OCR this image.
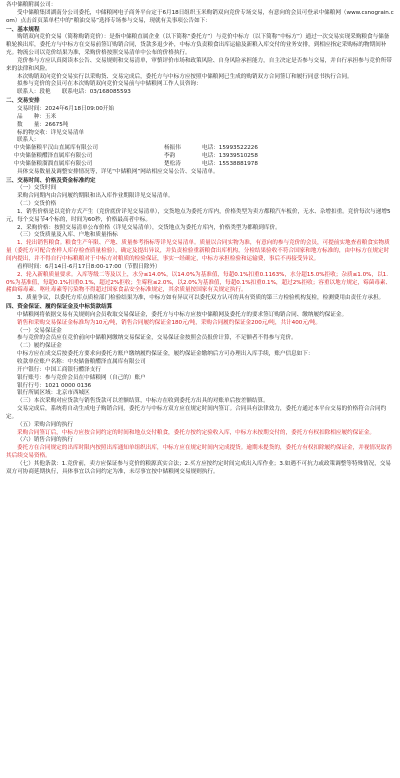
各中储粮附属公司：

受中储粮集团湖南分公司委托，中储粮网电子商务平台定于6月18日组织玉米购销双向竞价专场交易，有意向的会员可登录中储粮网（www.csnograin.com）点击首页菜单栏中的“粮油交易”选择专场参与交易，现就有关事项公告如下：

一、基本规程

购销双向竞价交易（简称购销竞价）：是指中储粮直属企业（以下简称“委托方”）与竞价中标方（以下简称“中标方”）通过一次交易实现采购粮食与储备粮轮换出库，委托方与中标方在交易前签订购销合同，货款多退少补，中标方负责粮食出库运输及新粮入库交付的业务安排，到相应指定采购标的物期间补充。物流公司以竞价结果为准，采购价格按照交易清单中公布的价格执行。

竞价参与方应认真阅读本公告、交易规则和交易清单，审慎评价市场和政策风险、自身风险承担能力，自主决定是否参与交易，并自行承担参与竞价所带来的法律和风险。

本次购销双向竞价交易实行以采购货、交易完成后，委托方与中标方应按照中储粮网已生成的购销双方合同签订和履行同意书执行合同。

拟参与竞价的会员可在本次购销双向竞价交易前与中储粮网工作人员咨询：

联系人：段艳　　联系电话：03/168085593

二、交易安排

交易时间：2024年6月18日09:00开始

品　　种：玉米

数　　量：26675吨

标的物交收：详见交易清单

联系人：

中央储备粮平汉山直属库有限公司	杨振伟	电话：15993522226
中央储备粮醴泽直属库有限公司	李韵	电话：13939510258
中央储备粮溜溜直属库有限公司	楚松涛	电话：15538881978

具体交易数量及调整安排情况等，详见“中储粮网”网站相应交易公告、交易清单。

三、交易时间、价格及资金标准约定

（一）交货时间

采购合同期内由合同履约期限和出入库作业期限详见交易清单。

（二）交货价格

1、销售价格是以竞价方式产生（竞价底价详见交易清单），交货地点为委托方库内，价格类型为卖方都粮汽车板价，无水、杂增扣重。竞价每次与递增5元，每个交易节4个标的，时间为60秒，价格最高者中标。

2、采购价格：按照交易清单公布价格（详见交易清单），交货地点为委托方库内，价格类型为都粮到库价。

（三）交货质量及入库、户地和质量指标

1、轮出销售粮食。粮食生产年限、产地、质量参考指标等详见交易清单。质量以合同实物为准，有意向的参与竞价的会员，可提前实地查看粮食实物质量（委托方可配合查样人库存检查质量检验），确定及提出异议，并负责检验重新粮食出库机构，分检结果验收不符合国家和地方标准的，由中标方在规定时间内提出，并不得自行中标粮粮对于中标方对粮质的检验保证，事实一经确定，中标方承担检验和运输费，事后不再接受异议。

看样时间：6月14日-6月17日8:00-17:00（节假日除外）

2、轮入新粮质量要求。入库等级二等及以上，水分≤14.0%，以14.0%为基准值，每超0.1%扣重0.1163%，水分超15.0%拒收；杂质≤1.0%，以1.0%为基准值，每超0.1%扣重0.1%，超过2%拒收；生霉粒≤2.0%，以2.0%为基准值，每超0.1%扣重0.1%，超过2%拒收；容重以地方规定，霉菌毒素、赭曲霉毒素、呕吐毒素等污染物不得超过国家食品安全标准规定，其余质量按国家有关规定执行。

3、质量争议，以委托方库点质检部门检验结果为准，中标方如有异议可以委托双方认可的具有资质的第三方检验机构复检，检测费用由责任方承担。

四、资金保证、履约保证金及中标货款结算

中储粮网将依据交易有关规则向会员收取交易保证金，委托方与中标方应按中储粮网及委托方的要求签订购销合同、缴纳履约保证金。

销售和采购交易保证金标准均为10元/吨，销售合同履约保证金180元/吨，采购合同履约保证金200元/吨，共计400元/吨。

（一）交易保证金

参与竞价的会员应在竞价前向中储粮网缴纳交易保证金，交易保证金按照会员报价计算，不足额者不得参与竞价。

（二）履约保证金

中标方应在成交后按委托方要求向委托方账户缴纳履约保证金，履约保证金缴纳后方可办理出入库手续，账户信息如下：

收款单位账户名称：中央储备粮醴泽直属库有限公司

开户银行：中国工商银行醴泽支行

银行账号：参与竞价会员在中储粮网（自己的）账户

银行行号：1021 0000 0136

银行所属区域：北京市西城区

（三）本次采购对应货款与销售货款可以差额结算，中标方在收到委托方出具的对账单后按差额结算。

交易完成后，系统将自动生成电子购销合同，委托方与中标方双方应在规定时间内签订。合同具有法律效力，委托方通过本平台交易的价格符合合同约定。

（五）采购合同的执行

采购合同签订后，中标方应按合同约定的时间和地点交付粮食，委托方按约定验收入库，中标方未按期交付的，委托方有权扣除相应履约保证金。

（六）销售合同的执行

委托方在合同规定的出库时限内按照出库通知单组织出库，中标方应在规定时间内完成提货。逾期未提货的，委托方有权扣除履约保证金，并视情况取消其后续交易资格。

（七）其他条款：1.竞价前，卖方应保证参与竞价的粮源真实合法；2.买方应按约定时间完成出入库作业；3.如遇不可抗力或政策调整等特殊情况，交易双方可协商延期执行，具体事宜以合同约定为准，未尽事宜按中储粮网交易规则执行。
